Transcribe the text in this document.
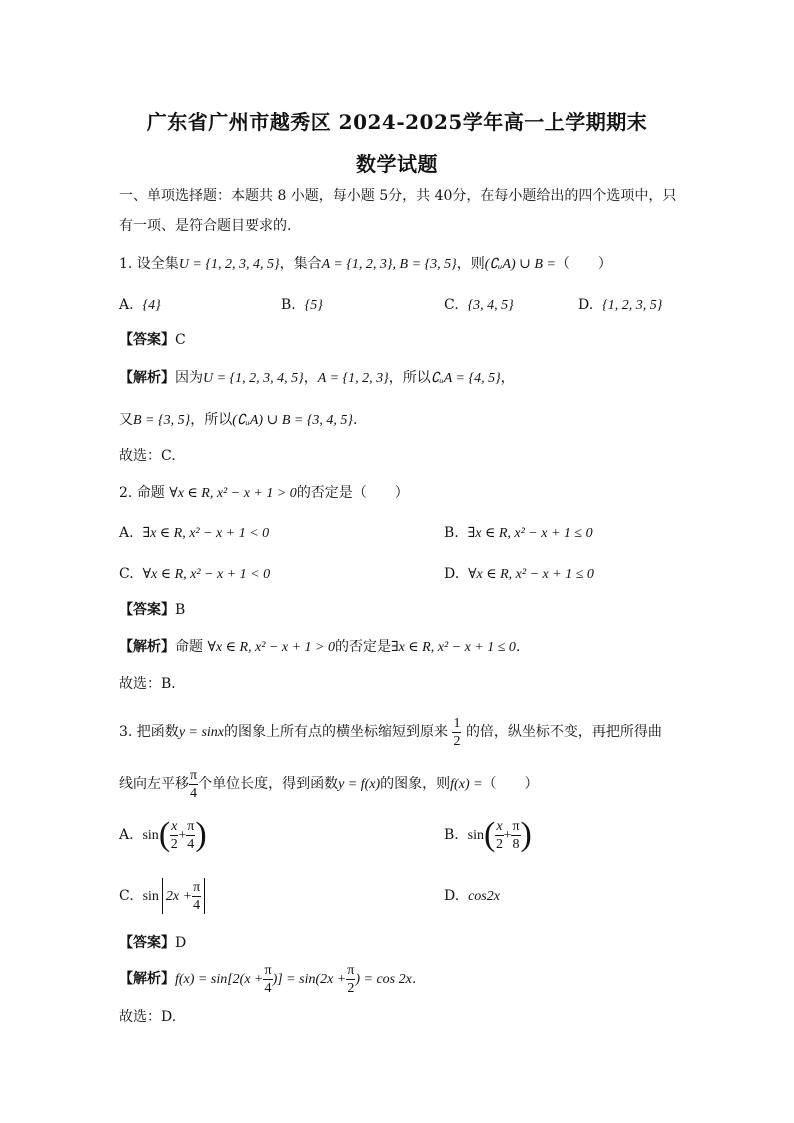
广东省广州市越秀区 2024-2025学年高一上学期期末
数学试题
一、单项选择题：本题共 8 小题，每小题 5分，共 40分，在每小题给出的四个选项中，只
有一项、是符合题目要求的.
1. 设全集U = {1, 2, 3, 4, 5}，集合A = {1, 2, 3}, B = {3, 5}，则(∁ᵤA) ∪ B =（　　）
A. {4}	B. {5}	C. {3, 4, 5}	D. {1, 2, 3, 5}
【答案】C
【解析】因为U = {1, 2, 3, 4, 5}，A = {1, 2, 3}，所以∁ᵤA = {4, 5}，
又B = {3, 5}，所以(∁ᵤA) ∪ B = {3, 4, 5}.
故选：C.
2. 命题 ∀x ∈ R, x² − x + 1 > 0的否定是（　　）
A. ∃x ∈ R, x² − x + 1 < 0	B. ∃x ∈ R, x² − x + 1 ≤ 0
C. ∀x ∈ R, x² − x + 1 < 0	D. ∀x ∈ R, x² − x + 1 ≤ 0
【答案】B
【解析】命题 ∀x ∈ R, x² − x + 1 > 0的否定是∃x ∈ R, x² − x + 1 ≤ 0.
故选：B.
3. 把函数y = sinx的图象上所有点的横坐标缩短到原来 $\frac{1}{2}$ 的倍，纵坐标不变，再把所得曲
线向左平移 $\frac{\pi}{4}$ 个单位长度，得到函数y = f(x)的图象，则f(x) =（　　）
A. $\sin( \frac{x}{2} + \frac{\pi}{4}$ )	B. $\sin( \frac{x}{2} + \frac{\pi}{8}$ )
C. $\sin 2x + \frac{\pi}{4}$	D. cos2x
【答案】D
【解析】$f(x) = \sin[2(x + \frac{\pi}{4}$ )] = $\sin(2x + \frac{\pi}{2}$ ) = cos 2x.
故选：D.
